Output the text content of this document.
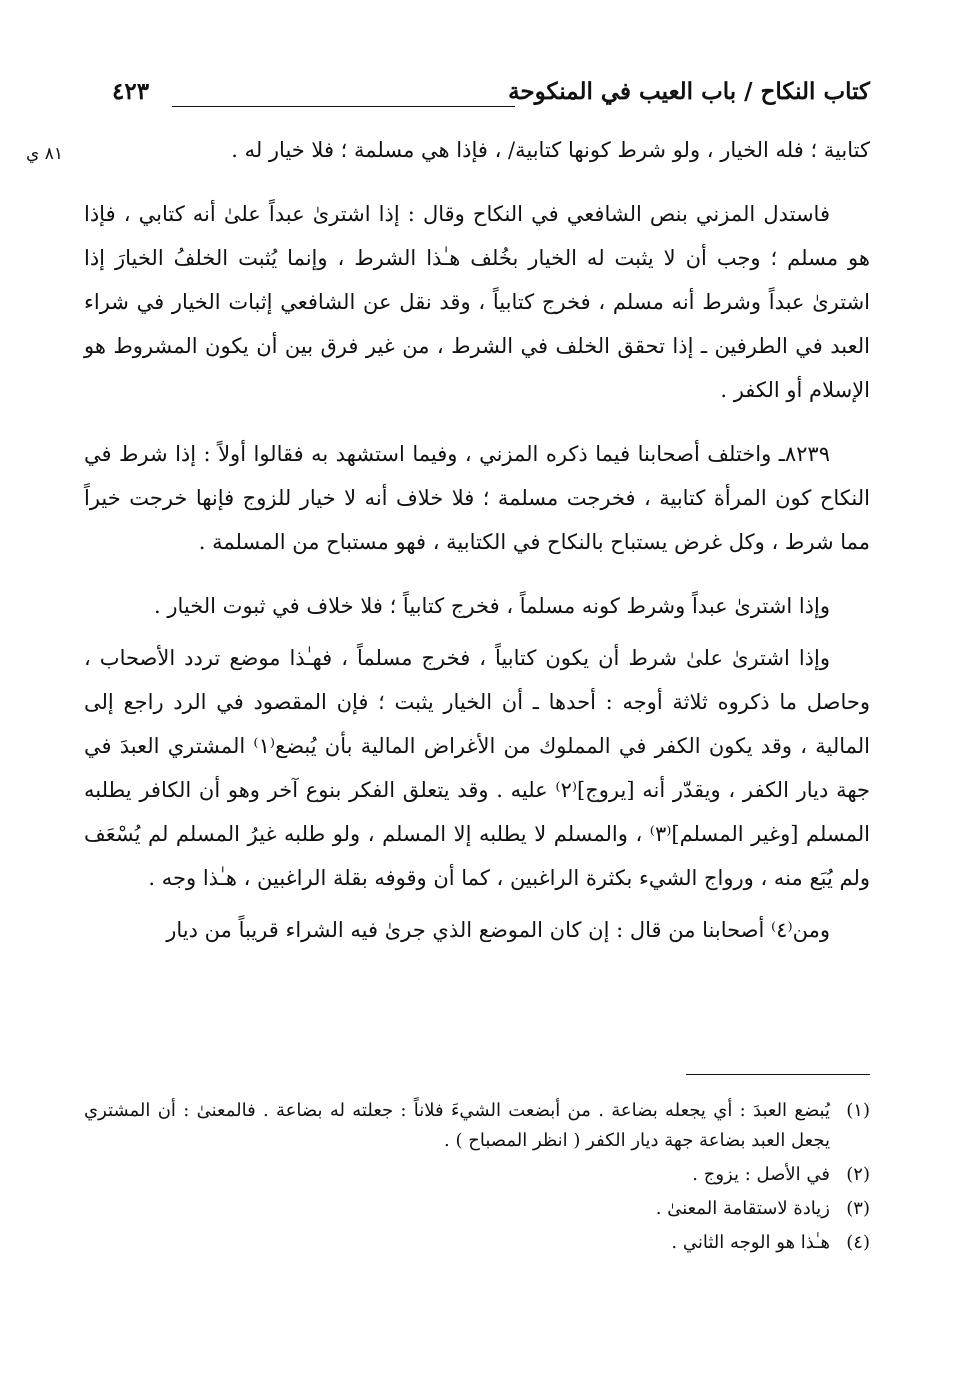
كتاب النكاح / باب العيب في المنكوحة
٤٢٣
٨١ ي	كتابية ؛ فله الخيار ، ولو شرط كونها كتابية/ ، فإذا هي مسلمة ؛ فلا خيار له .

فاستدل المزني بنص الشافعي في النكاح وقال : إذا اشترىٰ عبداً علىٰ أنه كتابي ، فإذا هو مسلم ؛ وجب أن لا يثبت له الخيار بخُلف هـٰذا الشرط ، وإنما يُثبت الخلفُ الخيارَ إذا اشترىٰ عبداً وشرط أنه مسلم ، فخرج كتابياً ، وقد نقل عن الشافعي إثبات الخيار في شراء العبد في الطرفين ـ إذا تحقق الخلف في الشرط ، من غير فرق بين أن يكون المشروط هو الإسلام أو الكفر .

٨٢٣٩ـ واختلف أصحابنا فيما ذكره المزني ، وفيما استشهد به فقالوا أولاً : إذا شرط في النكاح كون المرأة كتابية ، فخرجت مسلمة ؛ فلا خلاف أنه لا خيار للزوج فإنها خرجت خيراً مما شرط ، وكل غرض يستباح بالنكاح في الكتابية ، فهو مستباح من المسلمة .

وإذا اشترىٰ عبداً وشرط كونه مسلماً ، فخرج كتابياً ؛ فلا خلاف في ثبوت الخيار .

وإذا اشترىٰ علىٰ شرط أن يكون كتابياً ، فخرج مسلماً ، فهـٰذا موضع تردد الأصحاب ، وحاصل ما ذكروه ثلاثة أوجه : أحدها ـ أن الخيار يثبت ؛ فإن المقصود في الرد راجع إلى المالية ، وقد يكون الكفر في المملوك من الأغراض المالية بأن يُبضع⁽١⁾ المشتري العبدَ في جهة ديار الكفر ، ويقدّر أنه [يروج]⁽٢⁾ عليه . وقد يتعلق الفكر بنوع آخر وهو أن الكافر يطلبه المسلم [وغير المسلم]⁽٣⁾ ، والمسلم لا يطلبه إلا المسلم ، ولو طلبه غيرُ المسلم لم يُسْعَف ولم يُبَع منه ، ورواج الشيء بكثرة الراغبين ، كما أن وقوفه بقلة الراغبين ، هـٰذا وجه .

ومن⁽٤⁾ أصحابنا من قال : إن كان الموضع الذي جرىٰ فيه الشراء قريباً من ديار

(١)
يُبضع العبدَ : أي يجعله بضاعة . من أبضعت الشيءَ فلاناً : جعلته له بضاعة . فالمعنىٰ : أن المشتري يجعل العبد بضاعة جهة ديار الكفر ( انظر المصباح ) .
(٢)
في الأصل : يزوج .
(٣)
زيادة لاستقامة المعنىٰ .
(٤)
هـٰذا هو الوجه الثاني .
